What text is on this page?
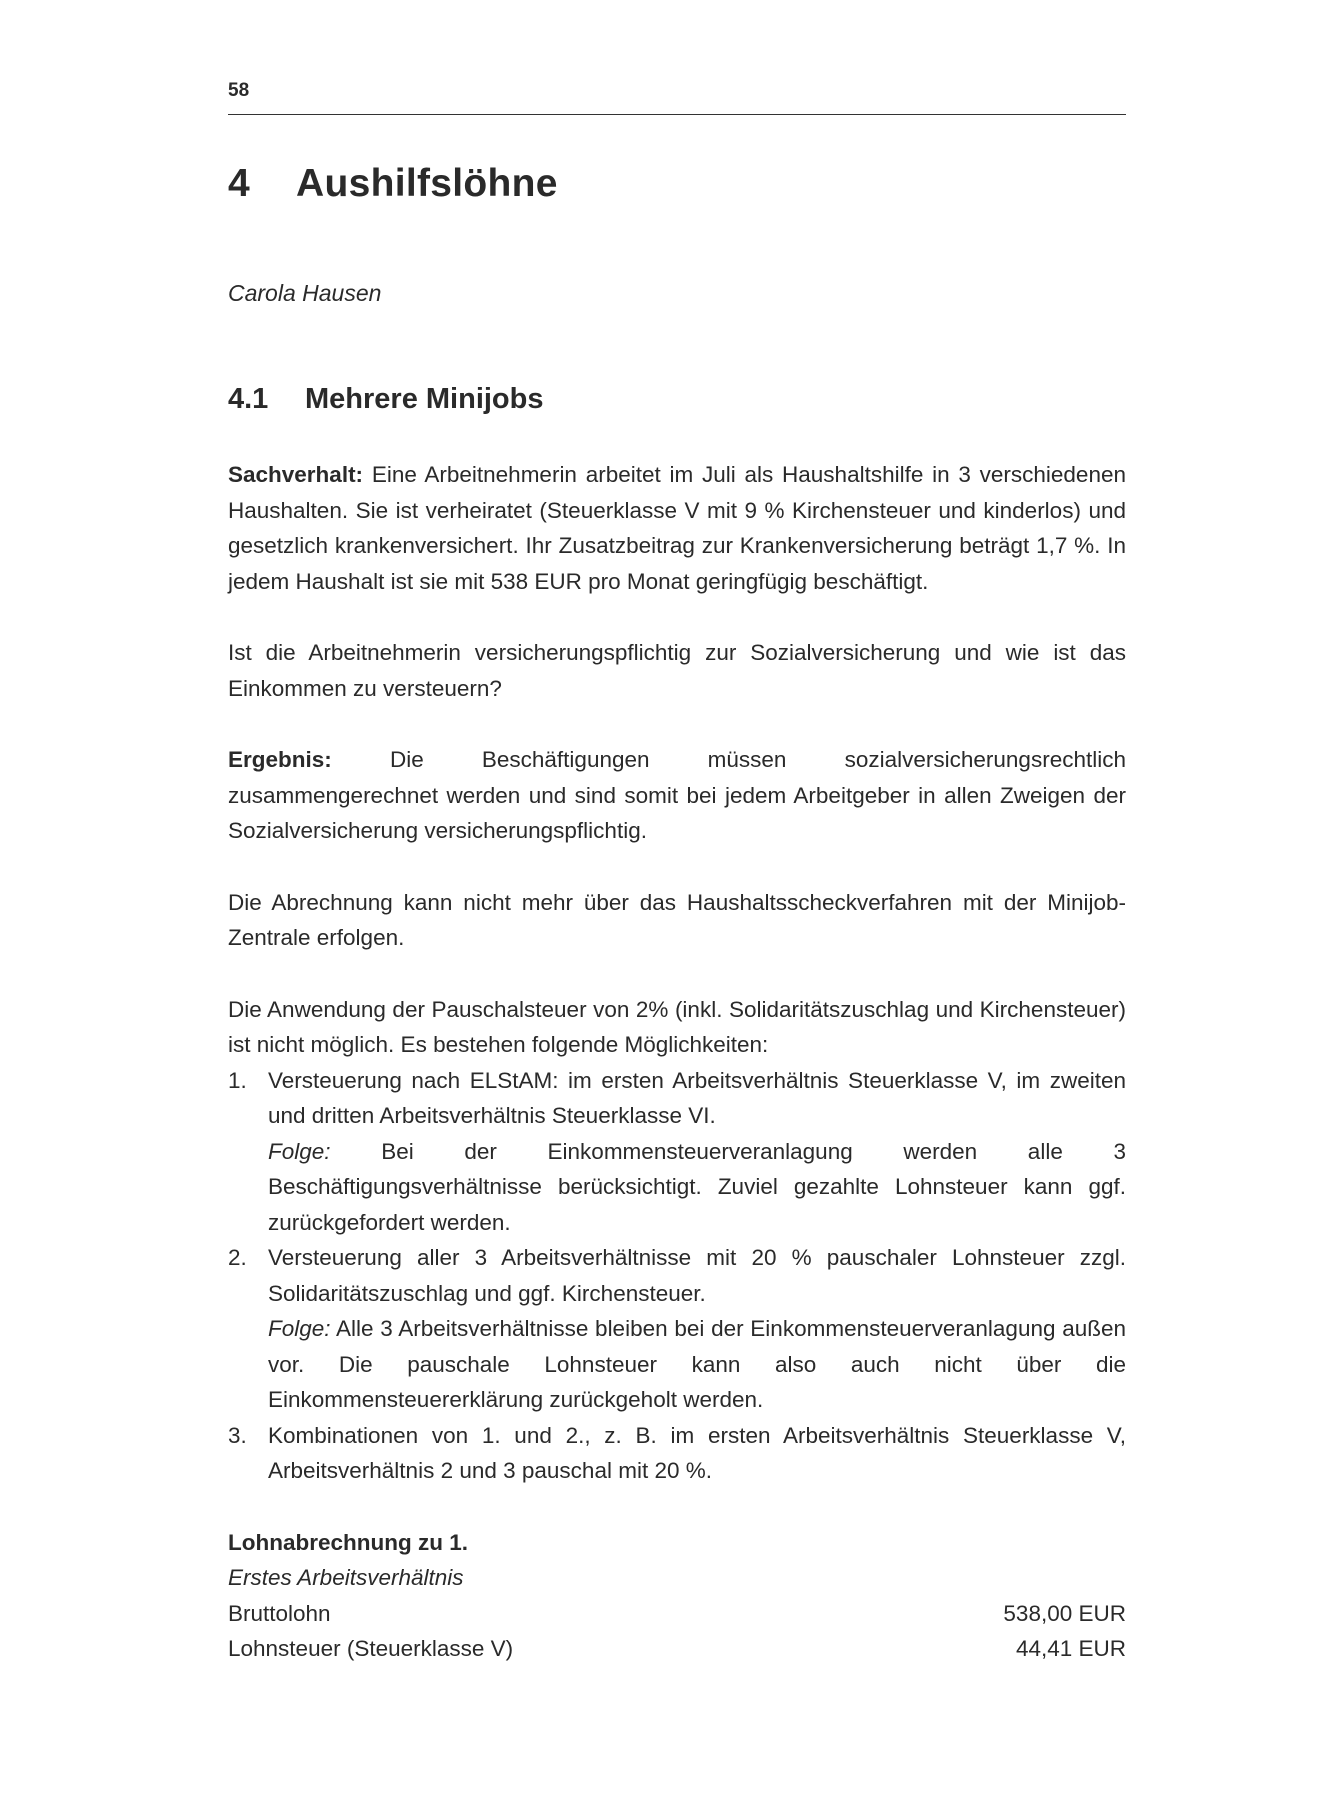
58
4 Aushilfslöhne
Carola Hausen
4.1 Mehrere Minijobs

Sachverhalt: Eine Arbeitnehmerin arbeitet im Juli als Haushaltshilfe in 3 verschiedenen Haushalten. Sie ist verheiratet (Steuerklasse V mit 9 % Kirchensteuer und kinderlos) und gesetzlich krankenversichert. Ihr Zusatzbeitrag zur Krankenversicherung beträgt 1,7 %. In jedem Haushalt ist sie mit 538 EUR pro Monat geringfügig beschäftigt.

Ist die Arbeitnehmerin versicherungspflichtig zur Sozialversicherung und wie ist das Einkommen zu versteuern?

Ergebnis:	Die Beschäftigungen müssen sozialversicherungsrechtlich zusammengerechnet werden und sind somit bei jedem Arbeitgeber in allen Zweigen der Sozialversicherung versicherungspflichtig.

Die Abrechnung kann nicht mehr über das Haushaltsscheckverfahren mit der Minijob-Zentrale erfolgen.

Die Anwendung der Pauschalsteuer von 2% (inkl. Solidaritätszuschlag und Kirchensteuer) ist nicht möglich. Es bestehen folgende Möglichkeiten:

1. Versteuerung nach ELStAM: im ersten Arbeitsverhältnis Steuerklasse V, im zweiten und dritten Arbeitsverhältnis Steuerklasse VI.
Folge: Bei der Einkommensteuerveranlagung werden alle 3 Beschäftigungsverhältnisse berücksichtigt. Zuviel gezahlte Lohnsteuer kann ggf. zurückgefordert werden.
2. Versteuerung aller 3 Arbeitsverhältnisse mit 20 % pauschaler Lohnsteuer zzgl. Solidaritätszuschlag und ggf. Kirchensteuer.
Folge: Alle 3 Arbeitsverhältnisse bleiben bei der Einkommensteuerveranlagung außen vor. Die pauschale Lohnsteuer kann also auch nicht über die Einkommensteuererklärung zurückgeholt werden.
3. Kombinationen von 1. und 2., z. B. im ersten Arbeitsverhältnis Steuerklasse V, Arbeitsverhältnis 2 und 3 pauschal mit 20 %.
Lohnabrechnung zu 1.
Erstes Arbeitsverhältnis
Bruttolohn	538,00 EUR
Lohnsteuer (Steuerklasse V)	44,41 EUR
